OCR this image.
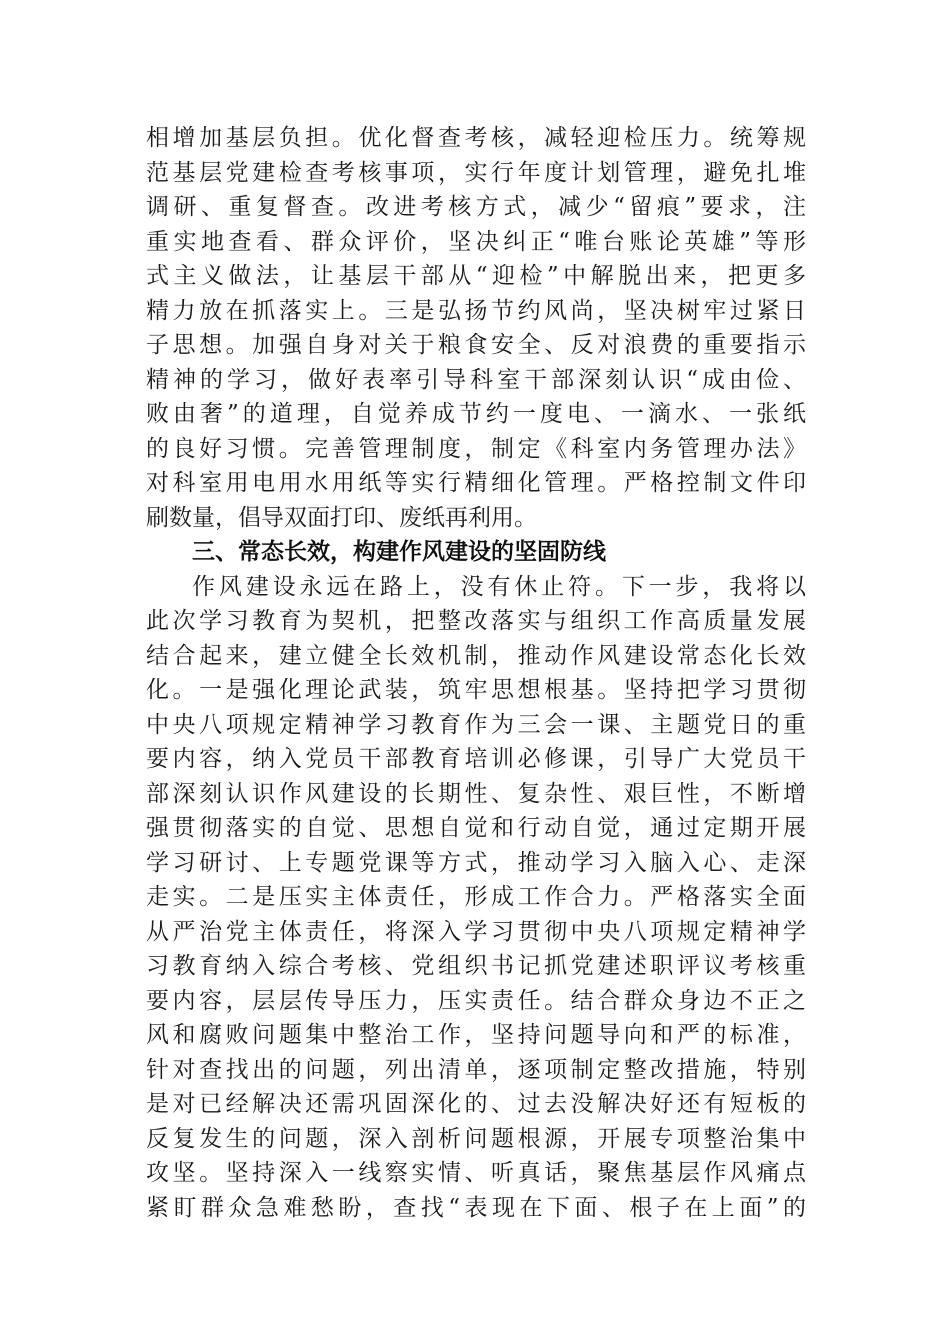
相增加基层负担。优化督查考核，减轻迎检压力。统筹规
范基层党建检查考核事项，实行年度计划管理，避免扎堆
调研、重复督查。改进考核方式，减少“留痕”要求，注
重实地查看、群众评价，坚决纠正“唯台账论英雄”等形
式主义做法，让基层干部从“迎检”中解脱出来，把更多
精力放在抓落实上。三是弘扬节约风尚，坚决树牢过紧日
子思想。加强自身对关于粮食安全、反对浪费的重要指示
精神的学习，做好表率引导科室干部深刻认识“成由俭、
败由奢”的道理，自觉养成节约一度电、一滴水、一张纸
的良好习惯。完善管理制度，制定《科室内务管理办法》
对科室用电用水用纸等实行精细化管理。严格控制文件印
刷数量，倡导双面打印、废纸再利用。
三、常态长效，构建作风建设的坚固防线
作风建设永远在路上，没有休止符。下一步，我将以
此次学习教育为契机，把整改落实与组织工作高质量发展
结合起来，建立健全长效机制，推动作风建设常态化长效
化。一是强化理论武装，筑牢思想根基。坚持把学习贯彻
中央八项规定精神学习教育作为三会一课、主题党日的重
要内容，纳入党员干部教育培训必修课，引导广大党员干
部深刻认识作风建设的长期性、复杂性、艰巨性，不断增
强贯彻落实的自觉、思想自觉和行动自觉，通过定期开展
学习研讨、上专题党课等方式，推动学习入脑入心、走深
走实。二是压实主体责任，形成工作合力。严格落实全面
从严治党主体责任，将深入学习贯彻中央八项规定精神学
习教育纳入综合考核、党组织书记抓党建述职评议考核重
要内容，层层传导压力，压实责任。结合群众身边不正之
风和腐败问题集中整治工作，坚持问题导向和严的标准，
针对查找出的问题，列出清单，逐项制定整改措施，特别
是对已经解决还需巩固深化的、过去没解决好还有短板的
反复发生的问题，深入剖析问题根源，开展专项整治集中
攻坚。坚持深入一线察实情、听真话，聚焦基层作风痛点
紧盯群众急难愁盼，查找“表现在下面、根子在上面”的
